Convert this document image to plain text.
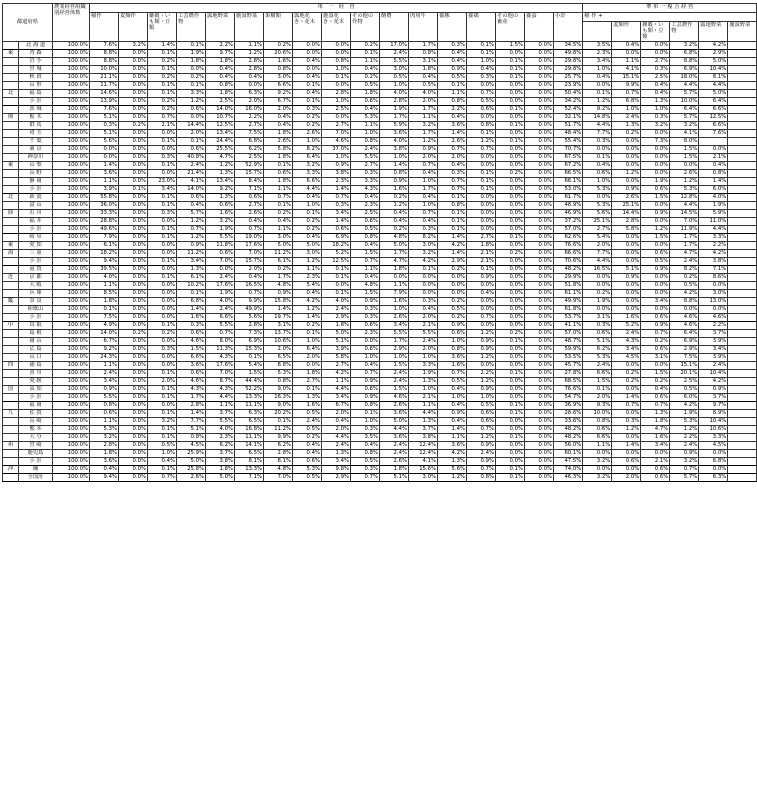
都道府県		農業経営組織別経営体数	単　一　経　営																	準 単 一 複 合 経 営					
			稲作	麦類作	雑穀・いも類・豆類	工芸農作物	露地野菜	施設野菜	果樹類	露地花き・花木	施設花き・花木	その他の作物	酪農	肉用牛	養豚	養鶏	その他の畜産	養蚕	小計	稲 作 +					
																					麦類作	雑穀・いも類・豆類	工芸農作物	露地野菜	施設野菜
	北 海 道	100.0%	7.6%	3.2%	1.4%	0.1%	2.2%	1.1%	0.2%	0.0%	0.0%	0.2%	17.0%	1.7%	0.3%	0.1%	1.5%	0.0%	34.5%	3.5%	0.4%	0.0%	3.2%	4.2%	
東	青 森	100.0%	8.8%	0.0%	0.1%	1.9%	9.7%	1.2%	20.6%	0.0%	0.0%	0.1%	2.4%	0.8%	0.4%	0.1%	0.0%	0.0%	49.8%	2.3%	0.0%	0.0%	6.8%	2.9%	
	岩 手	100.0%	8.8%	0.0%	0.2%	1.8%	1.8%	2.8%	1.6%	0.4%	0.8%	1.1%	5.5%	3.1%	0.4%	1.0%	0.1%	0.0%	29.8%	3.4%	1.1%	2.7%	8.8%	5.0%	
	宮 城	100.0%	10.0%	0.0%	0.1%	0.0%	0.4%	2.8%	0.8%	0.0%	1.0%	0.4%	3.0%	1.8%	0.9%	0.4%	0.1%	0.0%	29.8%	1.0%	4.1%	0.3%	6.9%	10.4%	
	秋 田	100.0%	21.1%	0.0%	0.2%	0.2%	0.4%	0.4%	3.0%	0.4%	0.1%	0.2%	0.5%	0.4%	0.5%	0.3%	0.1%	0.0%	25.7%	0.4%	15.1%	2.5%	18.0%	8.1%	
	山 形	100.0%	11.7%	0.0%	0.1%	0.1%	0.8%	0.0%	6.6%	0.1%	0.0%	0.5%	1.0%	0.5%	0.1%	0.0%	0.0%	0.0%	23.9%	0.0%	9.9%	0.4%	4.4%	4.4%	
北	福 島	100.0%	14.6%	0.0%	0.1%	3.3%	1.8%	6.3%	9.2%	0.4%	2.8%	1.8%	4.0%	4.0%	1.1%	0.7%	0.0%	0.0%	50.4%	0.1%	0.7%	0.4%	5.7%	5.0%	
	小 計	100.0%	13.9%	0.0%	0.2%	1.2%	2.5%	2.0%	6.7%	0.1%	1.0%	0.6%	2.8%	2.0%	0.8%	0.5%	0.0%	0.0%	34.2%	1.2%	6.8%	1.3%	10.0%	6.4%	
	茨 城	100.0%	7.6%	0.0%	0.2%	0.6%	14.0%	16.0%	2.0%	0.3%	2.5%	0.4%	1.9%	1.7%	2.2%	0.6%	0.1%	0.0%	52.4%	9.2%	1.0%	1.0%	6.4%	6.6%	
関	栃 木	100.0%	5.1%	0.0%	0.7%	0.0%	10.7%	2.2%	0.4%	0.2%	0.0%	5.3%	1.7%	1.1%	0.4%	0.0%	0.0%	0.0%	32.1%	14.8%	2.4%	0.3%	5.7%	12.5%	
	群 馬	100.0%	0.3%	0.2%	2.1%	14.4%	12.5%	2.7%	0.4%	0.2%	2.7%	1.1%	5.9%	3.2%	3.6%	0.8%	0.1%	0.0%	51.7%	4.4%	1.3%	3.2%	3.2%	6.6%	
	埼 玉	100.0%	5.1%	0.0%	0.0%	2.0%	13.4%	7.5%	1.8%	2.6%	7.0%	1.0%	3.6%	1.7%	1.4%	0.1%	0.0%	0.0%	48.4%	7.7%	0.2%	0.0%	4.1%	7.6%	
	千 葉	100.0%	5.6%	0.0%	0.1%	0.1%	24.4%	6.8%	2.6%	1.0%	4.6%	0.8%	4.0%	1.2%	2.6%	1.2%	0.1%	0.0%	55.4%	0.3%	0.0%	7.3%	8.0%		
	東 京	100.0%	0.0%	0.0%	0.0%	0.6%	25.5%	6.2%	5.8%	8.2%	37.0%	2.4%	3.8%	0.9%	0.7%	0.7%	0.0%	0.0%	70.7%	0.0%	0.0%	0.0%	1.5%	0.0%	
	神奈川	100.0%	0.0%	0.0%	0.3%	40.8%	4.7%	2.5%	1.8%	6.4%	1.0%	5.5%	1.0%	2.0%	2.0%	0.0%	0.0%	0.0%	67.5%	0.1%	0.0%	0.0%	1.5%	2.1%	
東	山 梨	100.0%	1.4%	0.0%	0.1%	2.4%	1.2%	52.9%	0.1%	3.2%	0.9%	2.7%	1.4%	0.7%	0.4%	0.0%	0.0%	0.0%	67.2%	0.4%	0.0%	0.0%	0.0%	0.4%	
	長 野	100.0%	3.6%	0.0%	0.0%	21.4%	1.3%	15.7%	0.6%	3.3%	3.8%	0.3%	0.8%	0.4%	0.3%	0.1%	0.2%	0.0%	66.5%	0.6%	1.2%	0.0%	2.6%	0.8%	
	静 岡	100.0%	1.1%	0.0%	23.0%	4.1%	13.4%	8.4%	1.8%	6.6%	2.3%	3.3%	0.9%	1.0%	0.7%	0.1%	0.0%	0.0%	66.1%	1.0%	0.0%	1.9%	1.2%	1.4%	
	小 計	100.0%	3.9%	0.1%	3.4%	14.0%	9.2%	7.1%	1.1%	4.4%	1.4%	4.3%	1.6%	1.7%	0.7%	0.1%	0.0%	0.0%	53.0%	5.3%	0.9%	0.6%	5.3%	6.0%	
北	新 潟	100.0%	55.8%	0.0%	0.1%	0.6%	1.3%	0.6%	0.7%	0.4%	0.7%	0.4%	0.2%	0.4%	0.1%	0.0%	0.0%	0.0%	61.7%	0.0%	2.6%	1.5%	12.8%	4.0%	
	富 山	100.0%	36.0%	0.0%	0.1%	0.4%	0.6%	2.7%	0.1%	1.0%	0.3%	2.3%	1.2%	1.0%	0.8%	0.0%	0.0%	0.0%	48.9%	5.3%	25.1%	0.0%	4.4%	1.9%	
陸	石 川	100.0%	33.3%	0.0%	0.3%	5.7%	1.6%	2.6%	0.2%	0.1%	3.4%	2.5%	0.4%	0.7%	0.1%	0.0%	0.0%	0.0%	46.9%	5.6%	14.4%	0.9%	14.5%	5.9%	
	福 井	100.0%	28.8%	0.0%	0.0%	1.2%	3.2%	0.4%	0.4%	0.2%	1.4%	0.6%	0.4%	0.4%	0.1%	0.0%	0.0%	0.0%	37.2%	25.1%	2.8%	0.0%	7.0%	11.0%	
	小 計	100.0%	49.6%	0.0%	0.1%	0.7%	1.9%	0.7%	1.1%	0.2%	0.6%	0.5%	0.2%	0.3%	0.1%	0.0%	0.0%	0.0%	57.0%	2.7%	5.8%	1.2%	11.9%	4.4%	
	岐 阜	100.0%	7.9%	0.0%	0.1%	1.2%	5.5%	19.0%	3.0%	0.4%	6.9%	0.8%	4.8%	8.2%	1.4%	2.7%	0.1%	0.0%	62.6%	5.4%	0.0%	1.5%	1.7%	3.3%	
東	愛 知	100.0%	6.1%	0.0%	0.0%	0.9%	11.8%	17.6%	5.0%	5.0%	18.2%	0.4%	5.0%	3.0%	4.2%	1.8%	0.0%	0.0%	76.6%	2.0%	0.0%	0.0%	1.7%	2.2%	
海	三 重	100.0%	18.2%	0.0%	0.0%	11.2%	0.6%	7.0%	11.2%	3.0%	5.2%	1.5%	1.7%	3.2%	1.4%	2.1%	0.2%	0.0%	66.6%	7.7%	0.0%	0.6%	4.7%	4.2%	
	小 計	100.0%	9.4%	0.0%	0.1%	3.4%	7.0%	15.7%	6.1%	1.2%	12.5%	0.7%	4.7%	4.2%	2.9%	2.1%	0.0%	0.0%	70.6%	4.4%	0.0%	0.5%	2.4%	3.8%	
	滋 賀	100.0%	39.5%	0.0%	0.0%	1.3%	0.0%	2.0%	0.2%	1.1%	0.1%	1.1%	1.8%	0.1%	0.2%	0.1%	0.0%	0.0%	48.2%	16.5%	5.1%	0.9%	8.2%	7.1%	
近	京 都	100.0%	4.0%	0.0%	0.1%	6.1%	2.4%	0.4%	1.7%	2.3%	0.1%	0.4%	0.0%	0.0%	0.0%	0.9%	0.0%	0.0%	29.9%	0.0%	0.9%	0.0%	0.2%	8.6%	
	大 阪	100.0%	1.1%	0.0%	0.0%	10.2%	17.6%	16.5%	4.8%	5.4%	0.0%	4.8%	1.1%	0.0%	0.0%	0.0%	0.0%	0.0%	51.8%	0.0%	0.0%	0.0%	0.5%	0.0%	
	兵 庫	100.0%	8.5%	0.0%	0.0%	0.1%	1.9%	0.7%	0.9%	0.4%	0.1%	1.5%	7.9%	0.0%	0.0%	0.4%	0.0%	0.0%	61.1%	0.2%	0.0%	0.0%	4.2%	3.0%	
畿	奈 良	100.0%	1.8%	0.0%	0.0%	6.8%	4.0%	9.9%	15.8%	4.2%	4.0%	0.9%	1.6%	0.3%	0.2%	0.0%	0.0%	0.0%	49.9%	1.9%	0.0%	3.4%	8.8%	13.0%	
	和歌山	100.0%	0.1%	0.0%	0.0%	1.4%	2.4%	49.9%	1.4%	1.2%	2.4%	0.3%	1.0%	0.4%	0.5%	0.0%	0.0%	0.0%	61.8%	0.0%	0.0%	0.0%	0.0%	0.0%	
	小 計	100.0%	7.5%	0.0%	0.0%	1.6%	6.6%	5.6%	19.7%	1.4%	2.9%	0.3%	2.6%	2.0%	0.2%	0.7%	0.0%	0.0%	53.7%	3.1%	1.6%	0.6%	4.6%	4.6%	
中	鳥 取	100.0%	4.9%	0.0%	0.1%	0.3%	5.5%	2.8%	3.1%	0.2%	1.8%	0.6%	3.4%	2.1%	0.9%	0.0%	0.0%	0.0%	41.1%	0.3%	5.2%	0.9%	4.6%	2.2%	
	島 根	100.0%	14.0%	0.2%	0.2%	0.6%	0.7%	7.3%	13.7%	0.1%	5.0%	2.3%	5.5%	5.5%	0.6%	1.2%	0.2%	0.0%	57.0%	0.6%	2.4%	0.7%	6.4%	3.7%	
	岡 山	100.0%	6.7%	0.0%	0.0%	4.6%	8.0%	6.9%	10.6%	1.0%	5.1%	0.0%	1.7%	2.4%	1.0%	0.9%	0.1%	0.0%	48.7%	5.1%	4.3%	0.2%	6.9%	3.9%	
	広 島	100.0%	9.2%	0.0%	0.3%	1.5%	11.3%	15.3%	2.0%	6.4%	3.9%	0.6%	2.9%	2.0%	0.8%	0.9%	0.0%	0.0%	59.9%	6.2%	3.4%	0.6%	2.9%	3.4%	
	山 口	100.0%	24.3%	0.0%	0.0%	6.6%	4.3%	0.1%	6.5%	2.0%	5.8%	1.0%	1.0%	1.0%	3.6%	1.2%	0.0%	0.0%	53.5%	5.3%	4.5%	3.1%	7.5%	3.9%	
四	徳 島	100.0%	1.1%	0.0%	0.0%	3.6%	17.6%	5.4%	8.8%	0.0%	2.7%	0.4%	1.5%	3.3%	1.6%	0.0%	0.0%	0.0%	45.7%	2.4%	0.0%	0.0%	15.1%	2.4%	
	香 川	100.0%	2.4%	0.0%	0.1%	0.6%	7.0%	1.5%	5.3%	1.8%	4.2%	0.7%	2.4%	1.9%	0.7%	2.2%	0.1%	0.0%	27.8%	6.6%	0.2%	1.5%	20.1%	10.4%	
	愛 媛	100.0%	3.4%	0.0%	2.0%	4.6%	8.7%	44.4%	0.8%	2.7%	1.1%	0.9%	2.4%	1.3%	0.5%	1.2%	0.0%	0.0%	68.5%	1.5%	0.2%	0.2%	2.5%	4.2%	
国	高 知	100.0%	0.9%	0.0%	0.1%	4.3%	4.3%	52.2%	9.0%	0.1%	4.4%	0.6%	1.5%	1.0%	0.4%	0.9%	0.0%	0.0%	76.6%	0.1%	0.0%	0.4%	0.5%	0.9%	
	小 計	100.0%	5.5%	0.0%	0.1%	1.7%	4.4%	13.3%	16.3%	1.3%	3.4%	0.9%	4.6%	2.1%	1.0%	1.0%	0.0%	0.0%	54.7%	2.0%	1.4%	0.6%	6.0%	3.7%	
	福 岡	100.0%	0.8%	0.0%	0.0%	2.8%	1.1%	11.1%	9.0%	1.6%	6.7%	0.8%	2.6%	1.1%	0.4%	0.5%	0.1%	0.0%	36.9%	9.3%	0.7%	0.7%	4.2%	9.7%	
九	佐 賀	100.0%	0.6%	0.0%	0.1%	1.4%	3.7%	6.3%	20.2%	0.5%	2.0%	0.1%	3.6%	4.4%	0.9%	0.6%	0.1%	0.0%	28.6%	10.0%	0.0%	1.3%	1.9%	8.9%	
	長 崎	100.0%	1.1%	0.0%	3.2%	7.7%	5.5%	6.5%	0.1%	2.4%	0.4%	1.0%	5.0%	1.3%	0.4%	0.6%	0.0%	0.0%	33.6%	0.8%	0.3%	1.8%	5.3%	10.4%	
	熊 本	100.0%	5.3%	0.0%	0.1%	5.1%	4.0%	16.8%	11.2%	0.5%	2.0%	0.3%	4.4%	3.7%	1.4%	0.7%	0.0%	0.0%	48.2%	0.6%	1.2%	4.7%	1.2%	10.6%	
	大 分	100.0%	3.2%	0.0%	0.1%	0.8%	2.3%	11.1%	9.9%	0.2%	4.4%	3.5%	3.6%	3.8%	1.1%	1.2%	0.1%	0.0%	48.2%	6.6%	0.0%	1.6%	2.2%	3.3%	
州	宮 崎	100.0%	2.8%	0.0%	0.5%	4.5%	6.2%	14.1%	6.2%	0.4%	2.4%	0.4%	2.4%	12.4%	3.6%	0.9%	0.0%	0.0%	56.0%	1.1%	1.4%	3.4%	2.4%	4.5%	
	鹿児島	100.0%	1.8%	0.0%	1.0%	25.9%	3.7%	6.5%	2.8%	0.4%	1.3%	0.8%	2.4%	12.4%	4.2%	2.4%	0.0%	0.0%	60.1%	0.0%	0.0%	0.0%	0.9%	0.0%	
	小 計	100.0%	3.6%	0.0%	0.4%	5.0%	3.8%	8.1%	8.1%	0.6%	3.4%	0.5%	2.6%	4.1%	1.3%	0.9%	0.0%	0.0%	47.5%	3.2%	0.6%	2.1%	3.2%	6.8%	
沖	縄	100.0%	0.4%	0.0%	0.1%	25.8%	1.8%	13.3%	4.8%	5.3%	9.8%	0.3%	1.8%	15.6%	5.6%	0.7%	0.1%	0.0%	74.0%	0.0%	0.0%	0.6%	0.7%	0.0%	
	全国計	100.0%	9.4%	0.0%	0.7%	2.6%	5.0%	7.1%	7.0%	0.5%	2.9%	0.7%	5.1%	3.0%	1.2%	0.8%	0.1%	0.0%	46.3%	3.2%	2.0%	0.6%	5.7%	6.3%	
